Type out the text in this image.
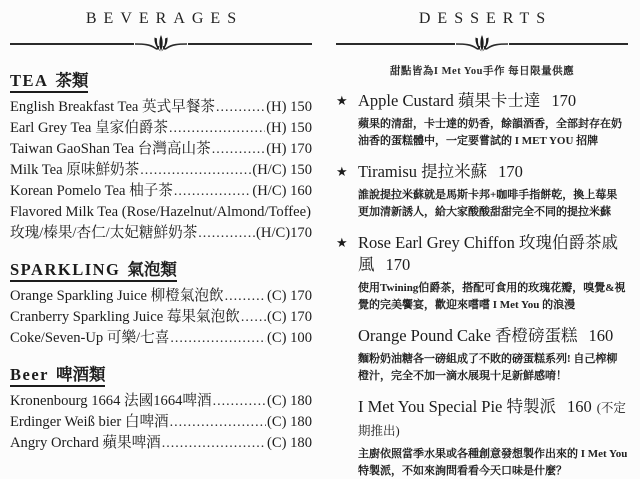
BEVERAGES
TEA 茶類
English Breakfast Tea 英式早餐茶 .....	(H) 150
Earl Grey Tea 皇家伯爵茶 .....	(H) 150
Taiwan GaoShan Tea 台灣高山茶 .....	(H) 170
Milk Tea 原味鮮奶茶 .....	(H/C) 150
Korean Pomelo Tea 柚子茶 .....	(H/C) 160
Flavored Milk Tea (Rose/Hazelnut/Almond/Toffee)
玫瑰/榛果/杏仁/太妃糖鮮奶茶 .....	(H/C)170
SPARKLING 氣泡類
Orange Sparkling Juice 柳橙氣泡飲 .....	(C) 170
Cranberry Sparkling Juice 莓果氣泡飲 ..... (C) 170
Coke/Seven-Up 可樂/七喜 .....	(C) 100
Beer 啤酒類
Kronenbourg 1664 法國1664啤酒 .....	(C) 180
Erdinger Weiß bier 白啤酒 .....	(C) 180
Angry Orchard 蘋果啤酒 .....	(C) 180
DESSERTS
甜點皆為I Met You手作 每日限量供應
★ Apple Custard 蘋果卡士達 170
蘋果的清甜，卡士達的奶香，餘韻酒香，全部封存在奶油香的蛋糕體中，一定要嘗試的 I MET YOU 招牌
★ Tiramisu 提拉米蘇 170
誰說提拉米蘇就是馬斯卡邦+咖啡手指餅乾，換上莓果更加清新誘人，給大家酸酸甜甜完全不同的提拉米蘇
★ Rose Earl Grey Chiffon 玫瑰伯爵茶戚風 170
使用Twining伯爵茶，搭配可食用的玫瑰花瓣，嗅覺&視覺的完美饗宴，歡迎來嚐嚐 I Met You 的浪漫
Orange Pound Cake 香橙磅蛋糕 160
麵粉奶油糖各一磅組成了不敗的磅蛋糕系列! 自己榨柳橙汁，完全不加一滴水展現十足新鮮感唷！
I Met You Special Pie 特製派 160 (不定期推出)
主廚依照當季水果或各種創意發想製作出來的 I Met You 特製派，不如來詢問看看今天口味是什麼？
